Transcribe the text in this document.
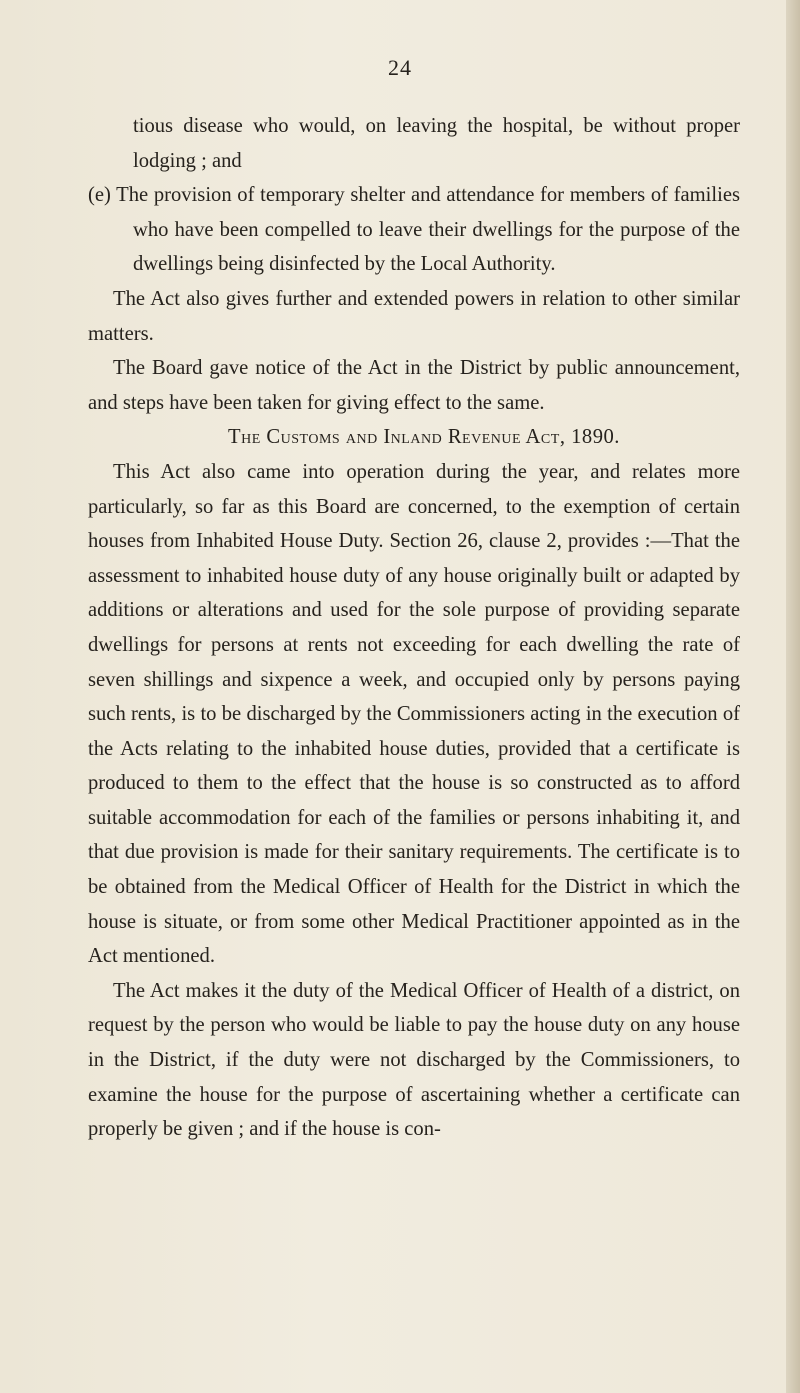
24

tious disease who would, on leaving the hospital, be without proper lodging ; and

(e) The provision of temporary shelter and attendance for members of families who have been compelled to leave their dwellings for the purpose of the dwellings being disinfected by the Local Authority.

The Act also gives further and extended powers in relation to other similar matters.

The Board gave notice of the Act in the District by public announcement, and steps have been taken for giving effect to the same.

The Customs and Inland Revenue Act, 1890.

This Act also came into operation during the year, and relates more particularly, so far as this Board are concerned, to the exemption of certain houses from Inhabited House Duty. Section 26, clause 2, provides :—That the assessment to inhabited house duty of any house originally built or adapted by additions or alterations and used for the sole purpose of providing separate dwellings for persons at rents not exceeding for each dwelling the rate of seven shillings and sixpence a week, and occupied only by persons paying such rents, is to be discharged by the Commissioners acting in the execution of the Acts relating to the inhabited house duties, provided that a certificate is produced to them to the effect that the house is so constructed as to afford suitable accommodation for each of the families or persons inhabiting it, and that due provision is made for their sanitary requirements. The certificate is to be obtained from the Medical Officer of Health for the District in which the house is situate, or from some other Medical Practitioner appointed as in the Act mentioned.

The Act makes it the duty of the Medical Officer of Health of a district, on request by the person who would be liable to pay the house duty on any house in the District, if the duty were not discharged by the Commissioners, to examine the house for the purpose of ascertaining whether a certificate can properly be given ; and if the house is con-
